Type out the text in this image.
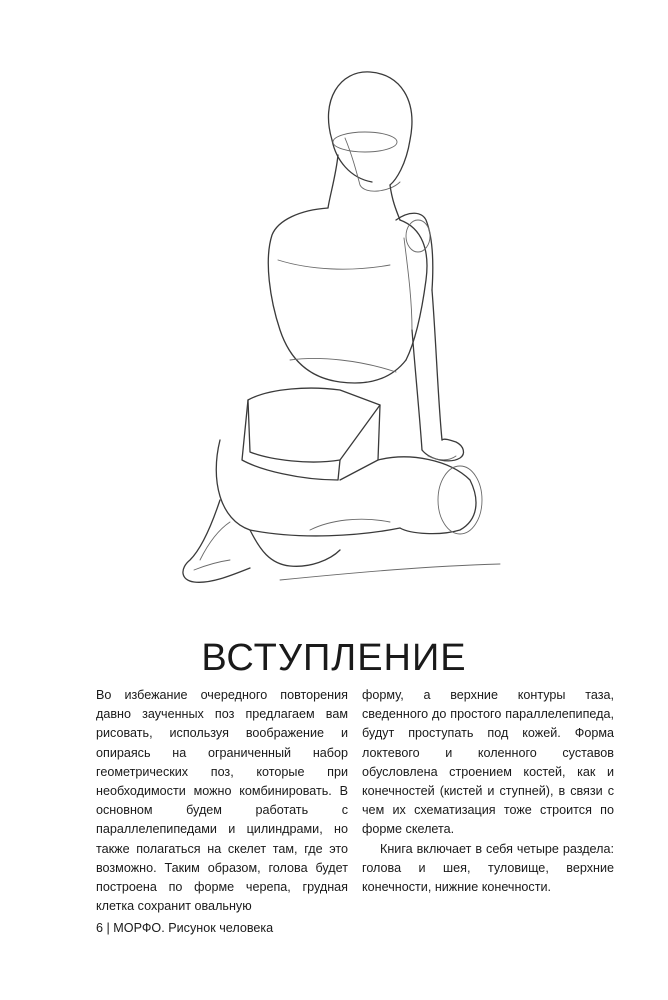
ВСТУПЛЕНИЕ

Во избежание очередного повторения давно заученных поз предлагаем вам рисовать, используя воображение и опираясь на ограниченный набор геометрических поз, которые при необходимости можно комбинировать. В основном будем работать с параллелепипедами и цилиндрами, но также полагаться на скелет там, где это возможно. Таким образом, голова будет построена по форме черепа, грудная клетка сохранит овальную

форму, а верхние контуры таза, сведенного до простого параллелепипеда, будут проступать под кожей. Форма локтевого и коленного суставов обусловлена строением костей, как и конечностей (кистей и ступней), в связи с чем их схематизация тоже строится по форме скелета.

Книга включает в себя четыре раздела: голова и шея, туловище, верхние конечности, нижние конечности.

6 | МОРФО. Рисунок человека
